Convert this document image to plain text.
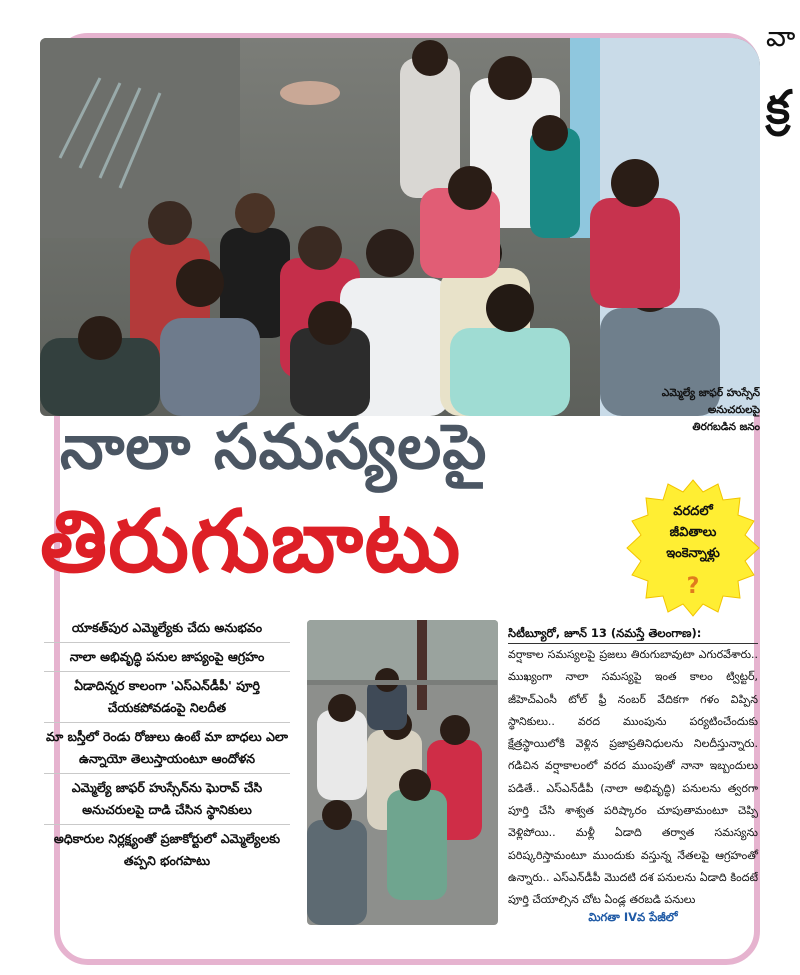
వా
క్ర
ఎమ్మెల్యే జాఫర్ హుస్సేన్
అనుచరులపై
తిరగబడిన జనం
నాలా సమస్యలపై
తిరుగుబాటు	వరదలో
జీవితాలు
ఇంకెన్నాళ్లు
?
యాకత్‌పుర ఎమ్మెల్యేకు చేదు అనుభవం
నాలా అభివృద్ధి పనుల జాప్యంపై ఆగ్రహం
ఏడాదిన్నర కాలంగా 'ఎస్‌ఎన్‌డీపీ' పూర్తి చేయకపోవడంపై నిలదీత
మా బస్తీలో రెండు రోజులు ఉంటే మా బాధలు ఎలా ఉన్నాయో తెలుస్తాయంటూ ఆందోళన
ఎమ్మెల్యే జాఫర్ హుస్సేన్‌ను ఘెరావ్ చేసి అనుచరులపై దాడి చేసిన స్థానికులు
అధికారుల నిర్లక్ష్యంతో ప్రజాకోర్టులో ఎమ్మెల్యేలకు తప్పని భంగపాటు
సిటీబ్యూరో, జూన్ 13 (నమస్తే తెలంగాణ):
వర్షాకాల సమస్యలపై ప్రజలు తిరుగుబావుటా ఎగురవేశారు.. ముఖ్యంగా నాలా సమస్యపై ఇంత కాలం ట్విట్టర్, జీహెచ్ఎంసీ టోల్ ఫ్రీ నంబర్ వేదికగా గళం విప్పిన స్థానికులు.. వరద ముంపును పర్యటించేందుకు క్షేత్రస్థాయిలోకి వెళ్లిన ప్రజాప్రతినిధులను నిలదీస్తున్నారు. గడిచిన వర్షాకాలంలో వరద ముంపుతో నానా ఇబ్బందులు పడితే.. ఎస్‌ఎన్‌డీపీ (నాలా అభివృద్ధి) పనులను త్వరగా పూర్తి చేసి శాశ్వత పరిష్కారం చూపుతామంటూ చెప్పి వెళ్లిపోయి.. మళ్లీ ఏడాది తర్వాత సమస్యను పరిష్కరిస్తామంటూ ముందుకు వస్తున్న నేతలపై ఆగ్రహంతో ఉన్నారు.. ఎస్‌ఎన్‌డీపీ మొదటి దశ పనులను ఏడాది కిందటే పూర్తి చేయాల్సిన చోట ఏండ్ల తరబడి పనులు
మిగతా IVవ పేజీలో
